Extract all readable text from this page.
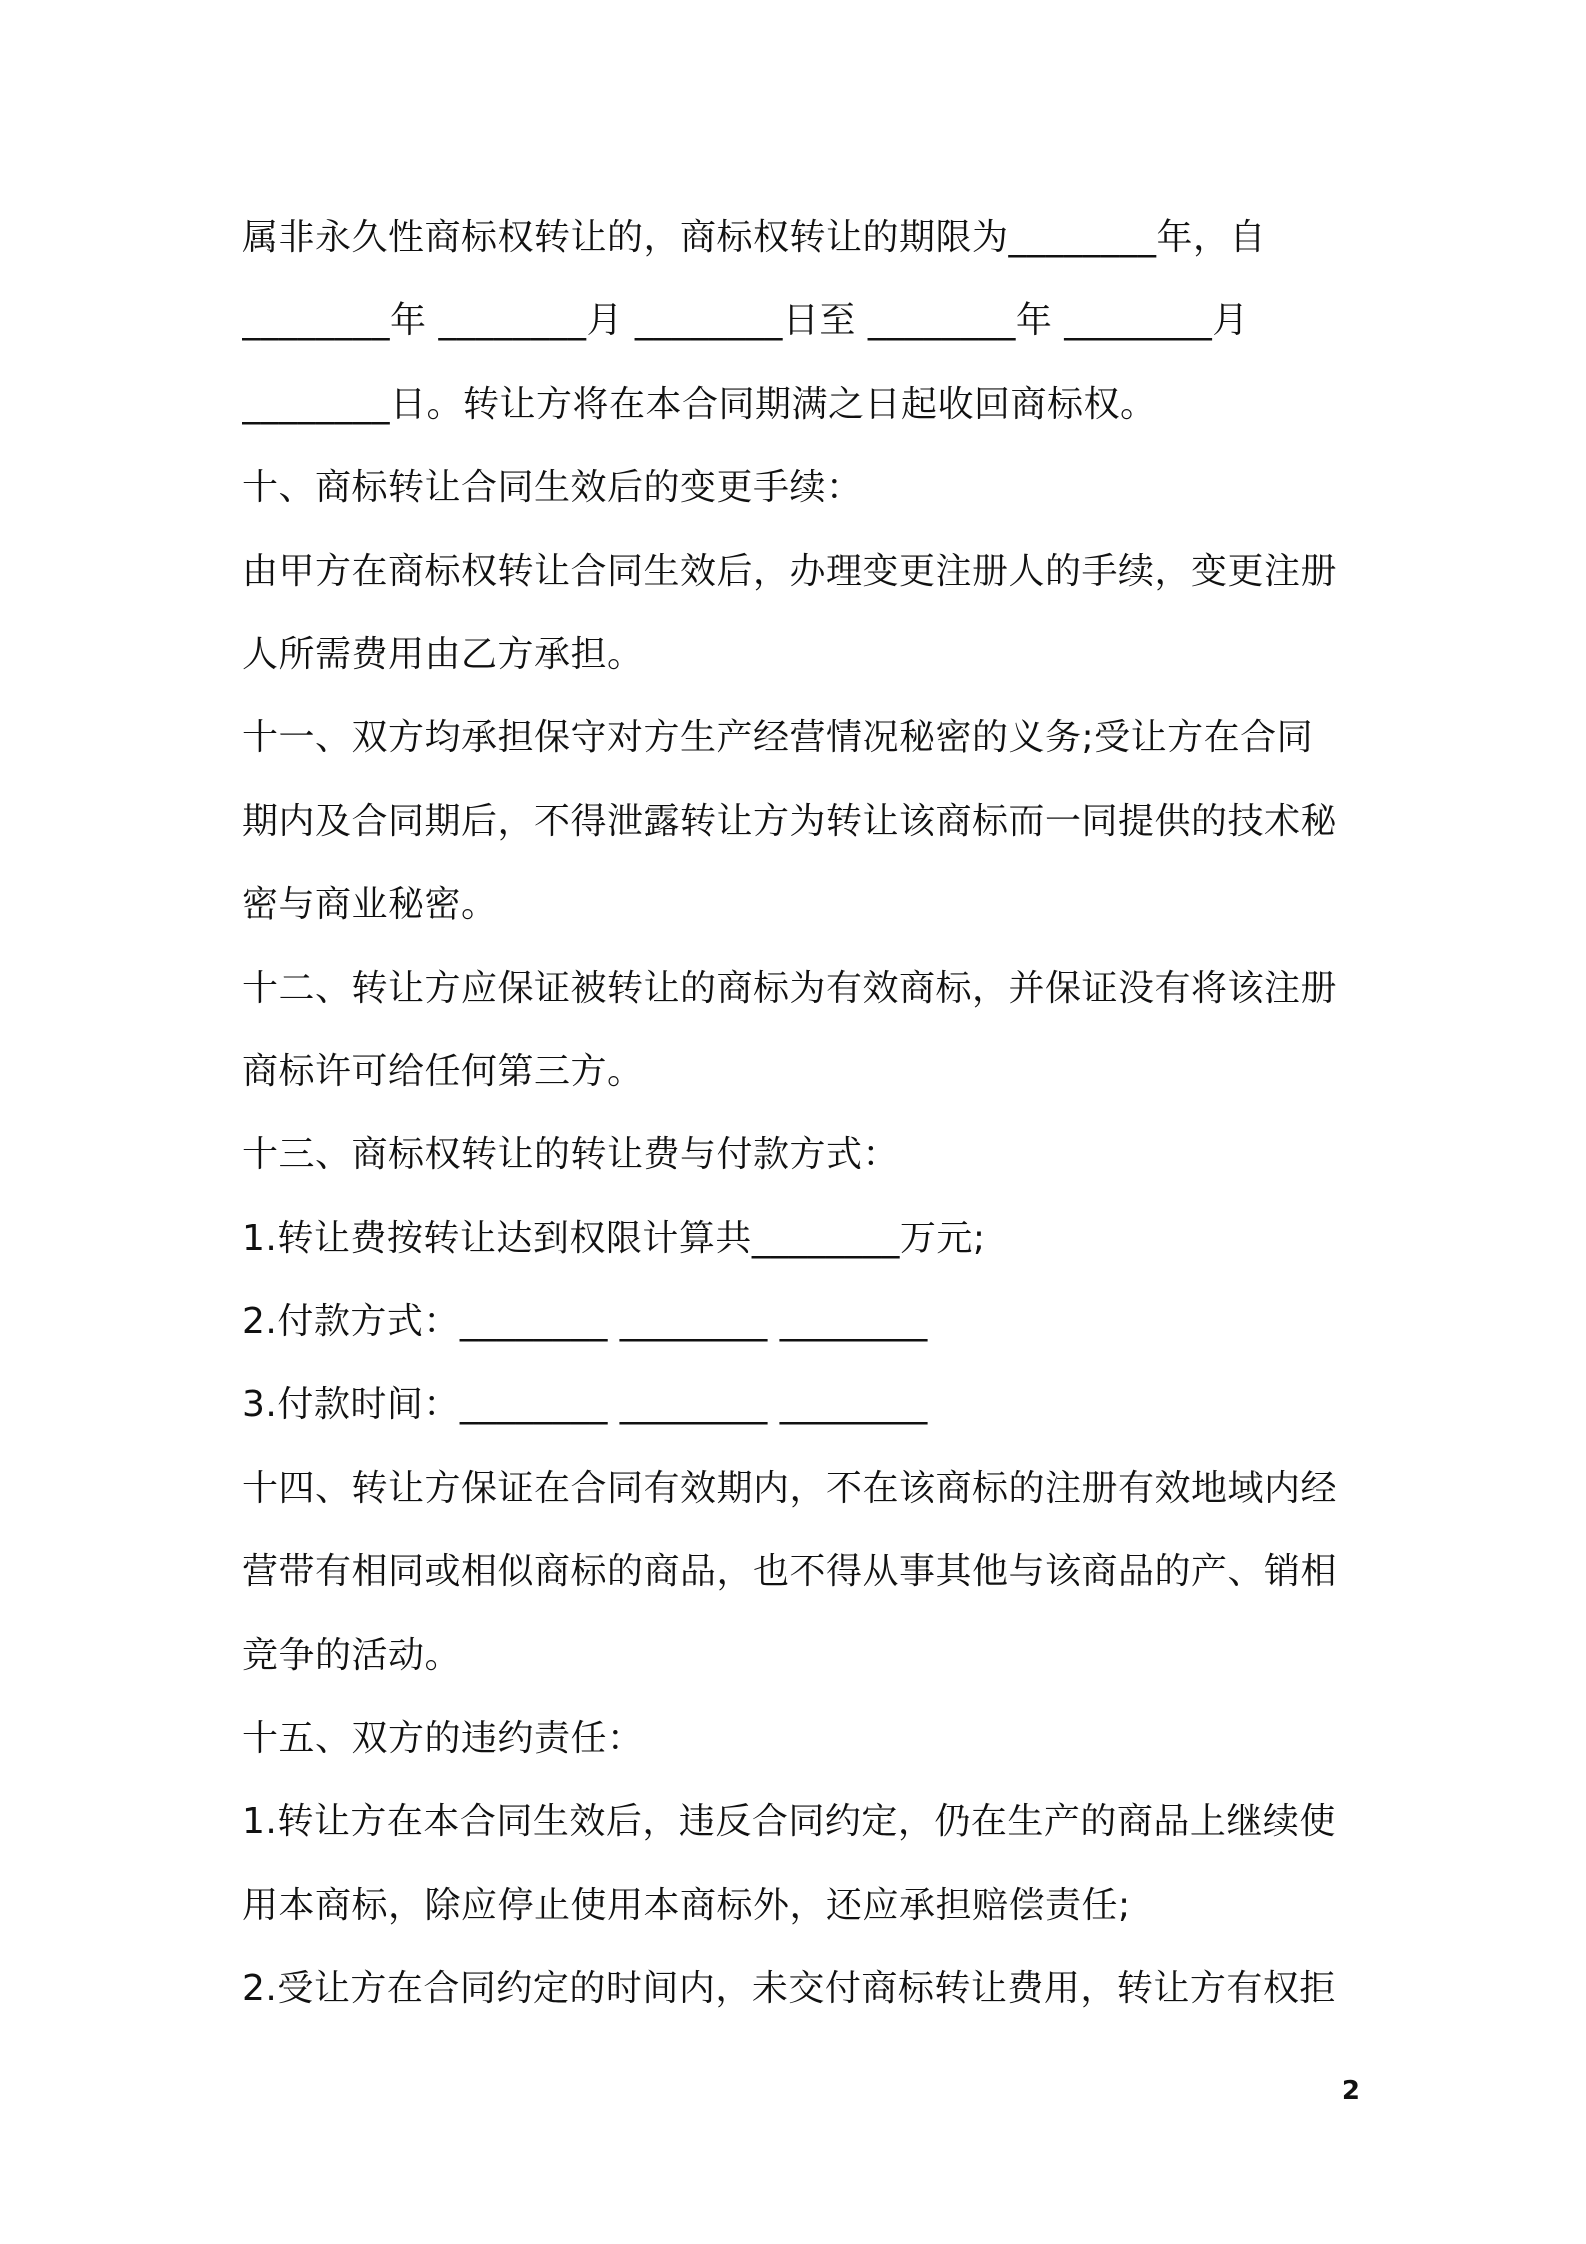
属非永久性商标权转让的，商标权转让的期限为________年，自
________年 ________月 ________日至 ________年 ________月
________日。转让方将在本合同期满之日起收回商标权。
十、商标转让合同生效后的变更手续：
由甲方在商标权转让合同生效后，办理变更注册人的手续，变更注册
人所需费用由乙方承担。
十一、双方均承担保守对方生产经营情况秘密的义务;受让方在合同
期内及合同期后，不得泄露转让方为转让该商标而一同提供的技术秘
密与商业秘密。
十二、转让方应保证被转让的商标为有效商标，并保证没有将该注册
商标许可给任何第三方。
十三、商标权转让的转让费与付款方式：
1.转让费按转让达到权限计算共________万元;
2.付款方式：________ ________ ________
3.付款时间：________ ________ ________
十四、转让方保证在合同有效期内，不在该商标的注册有效地域内经
营带有相同或相似商标的商品，也不得从事其他与该商品的产、销相
竞争的活动。
十五、双方的违约责任：
1.转让方在本合同生效后，违反合同约定，仍在生产的商品上继续使
用本商标，除应停止使用本商标外，还应承担赔偿责任;
2.受让方在合同约定的时间内，未交付商标转让费用，转让方有权拒
2
